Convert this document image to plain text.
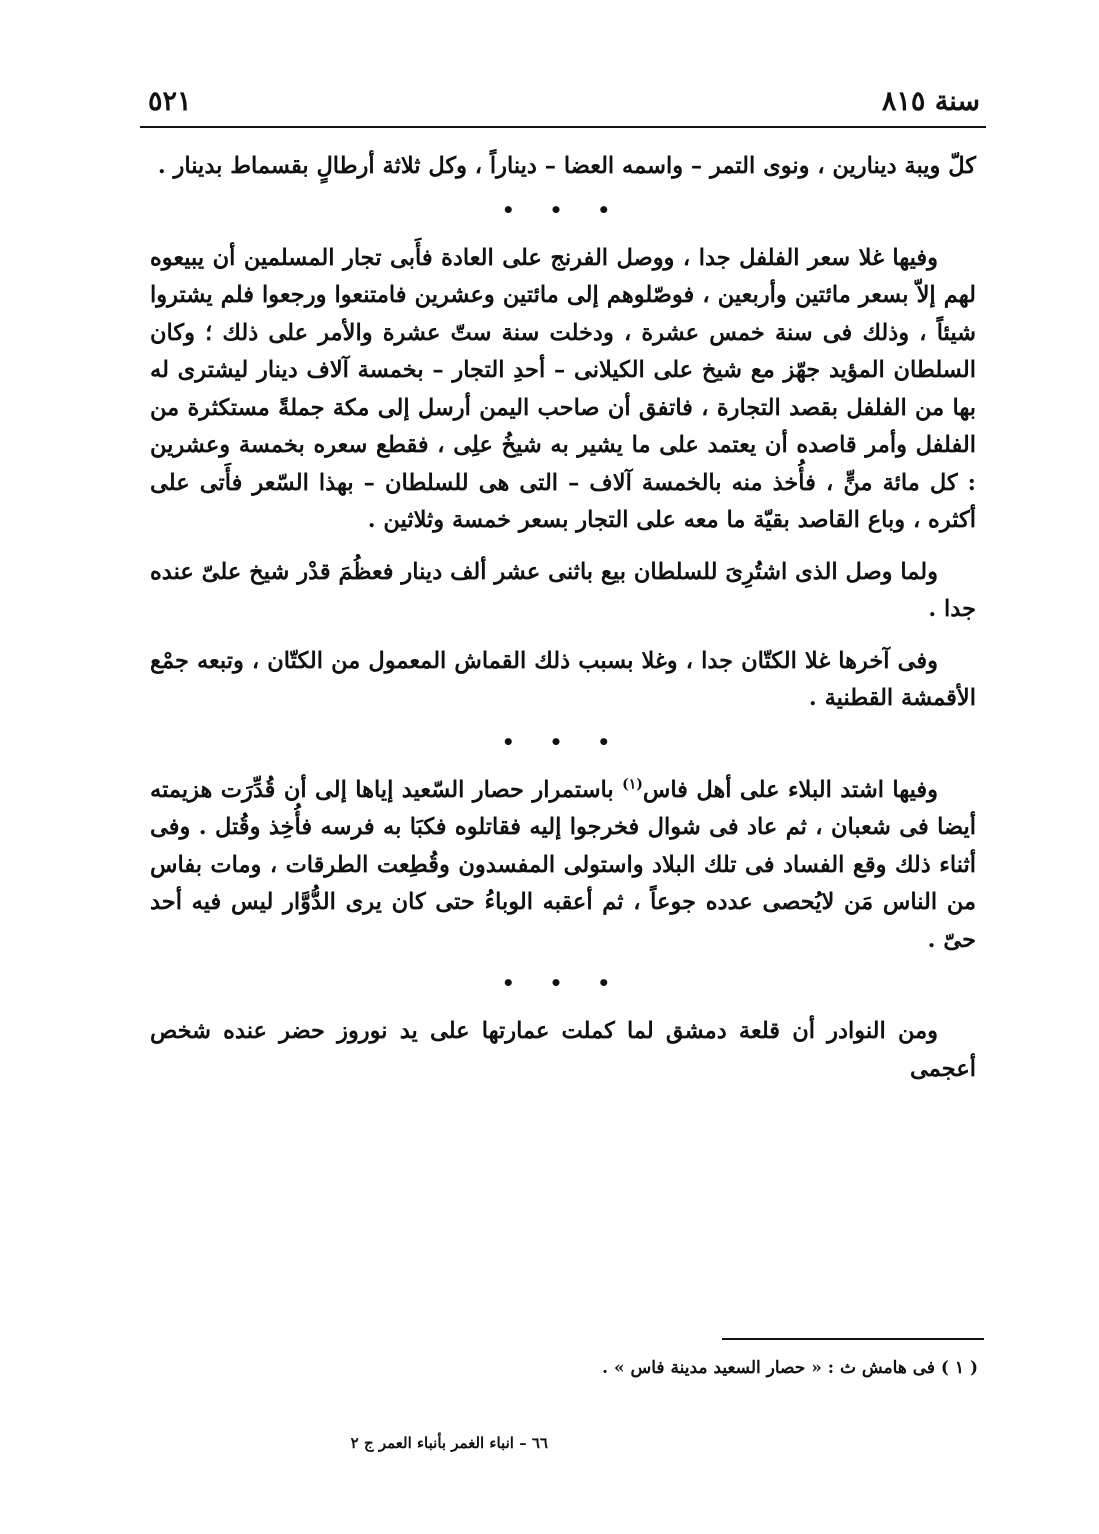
سنة ٨١٥
٥٢١

كلّ ويبة دينارين ، ونوى التمر – واسمه العضا – ديناراً ، وكل ثلاثة أرطالٍ بقسماط بدينار .

• • •

وفيها غلا سعر الفلفل جدا ، ووصل الفرنج على العادة فأَبى تجار المسلمين أن يبيعوه لهم إلاّ بسعر مائتين وأربعين ، فوصّلوهم إلى مائتين وعشرين فامتنعوا ورجعوا فلم يشتروا شيئاً ، وذلك فى سنة خمس عشرة ، ودخلت سنة ستّ عشرة والأمر على ذلك ؛ وكان السلطان المؤيد جهّز مع شيخ على الكيلانى – أحدِ التجار – بخمسة آلاف دينار ليشترى له بها من الفلفل بقصد التجارة ، فاتفق أن صاحب اليمن أرسل إلى مكة جملةً مستكثرة من الفلفل وأمر قاصده أن يعتمد على ما يشير به شيخُ علِى ، فقطع سعره بخمسة وعشرين : كل مائة منٍّ ، فأُخذ منه بالخمسة آلاف – التى هى للسلطان – بهذا السّعر فأَتى على أكثره ، وباع القاصد بقيّة ما معه على التجار بسعر خمسة وثلاثين .

ولما وصل الذى اشتُرِىَ للسلطان بيع باثنى عشر ألف دينار فعظُمَ قدْر شيخ علىّ عنده جدا .

وفى آخرها غلا الكتّان جدا ، وغلا بسبب ذلك القماش المعمول من الكتّان ، وتبعه جمْع الأقمشة القطنية .

• • •

وفيها اشتد البلاء على أهل فاس$^{(١)}$ باستمرار حصار السّعيد إياها إلى أن قُدِّرَت هزيمته أيضا فى شعبان ، ثم عاد فى شوال فخرجوا إليه فقاتلوه فكبَا به فرسه فأُخِذ وقُتل . وفى أثناء ذلك وقع الفساد فى تلك البلاد واستولى المفسدون وقُطِعت الطرقات ، ومات بفاس من الناس مَن لايُحصى عدده جوعاً ، ثم أعقبه الوباءُ حتى كان يرى الدُّوَّار ليس فيه أحد حىّ .

• • •

ومن النوادر أن قلعة دمشق لما كملت عمارتها على يد نوروز حضر عنده شخص أعجمى

( ١ ) فى هامش ث : « حصار السعيد مدينة فاس » .
٦٦ – انباء الغمر بأنباء العمر ج ٢
